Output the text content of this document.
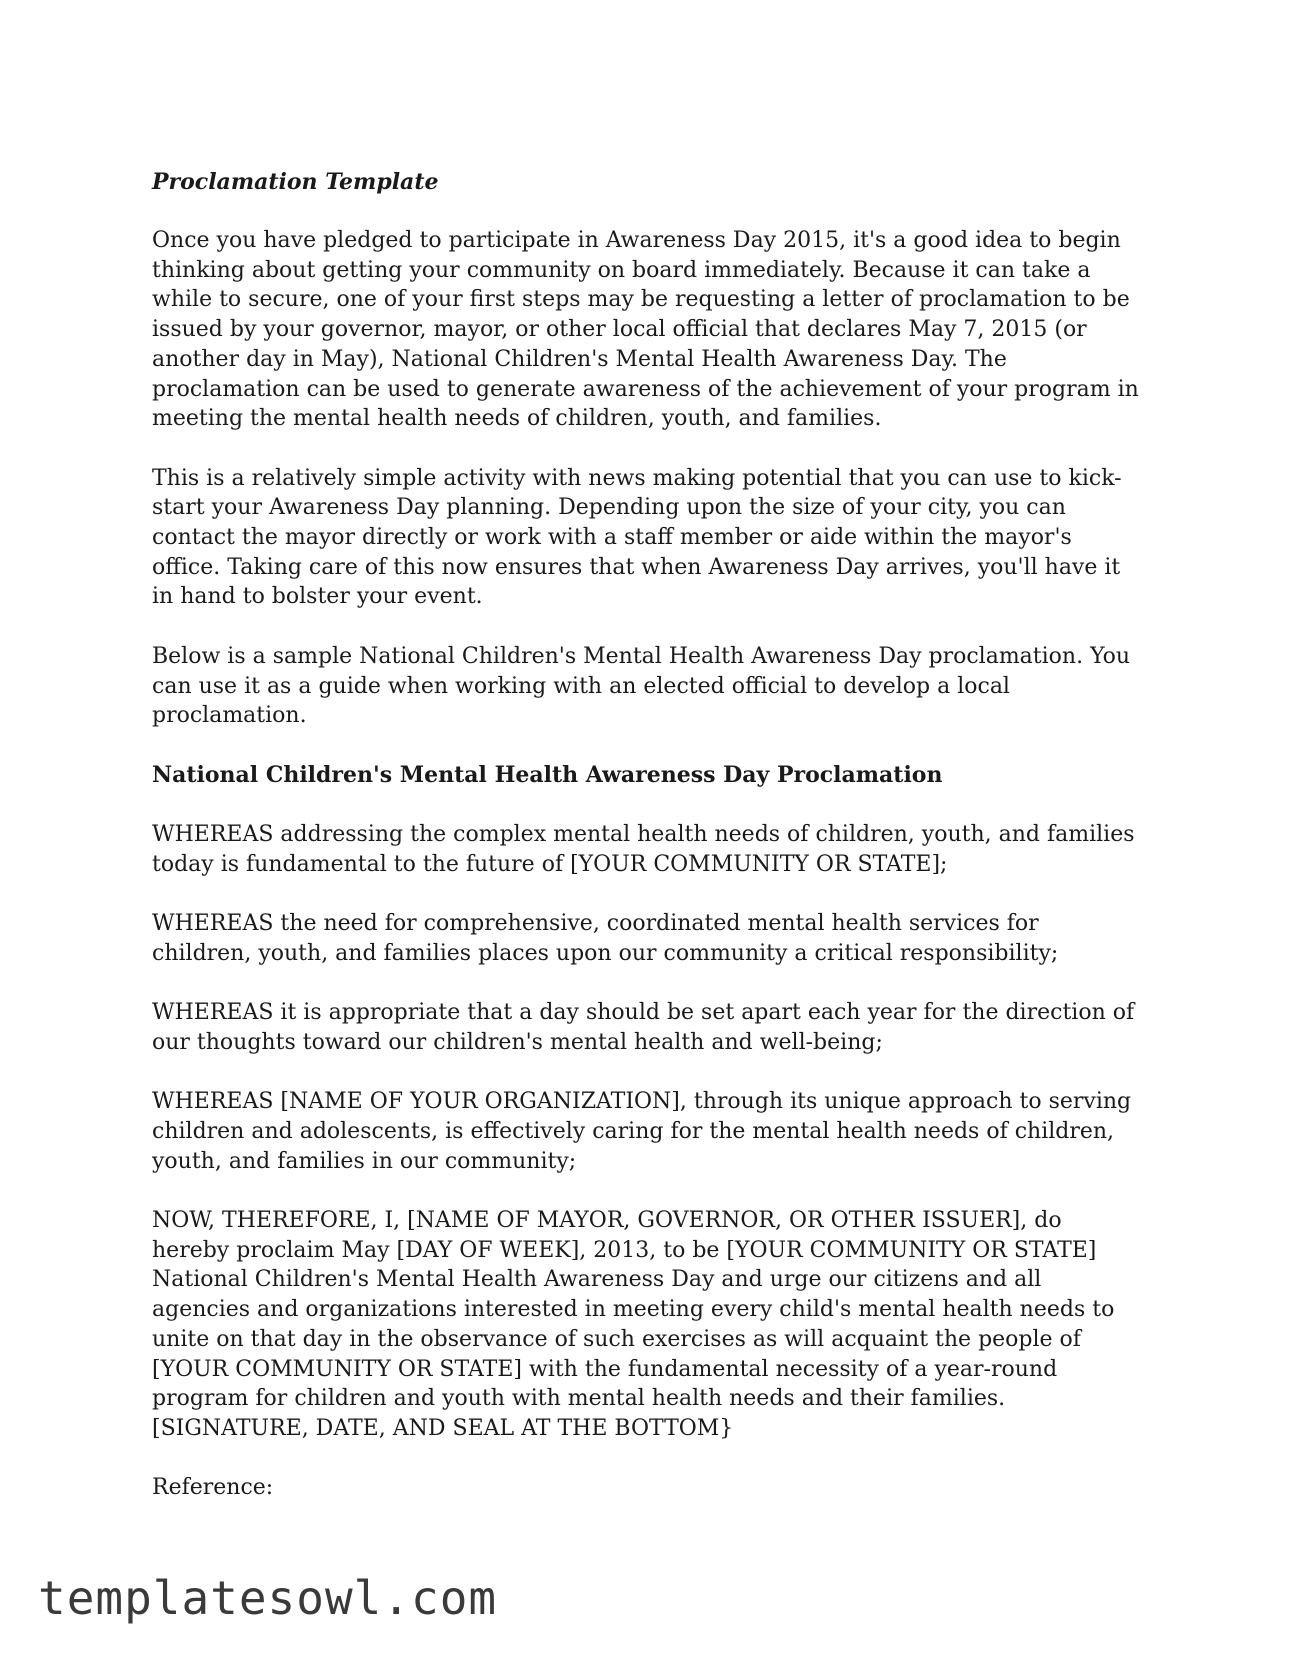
Proclamation Template

Once you have pledged to participate in Awareness Day 2015, it's a good idea to begin thinking about getting your community on board immediately. Because it can take a while to secure, one of your first steps may be requesting a letter of proclamation to be issued by your governor, mayor, or other local official that declares May 7, 2015 (or another day in May), National Children's Mental Health Awareness Day. The proclamation can be used to generate awareness of the achievement of your program in meeting the mental health needs of children, youth, and families.

This is a relatively simple activity with news making potential that you can use to kick-start your Awareness Day planning. Depending upon the size of your city, you can contact the mayor directly or work with a staff member or aide within the mayor's office. Taking care of this now ensures that when Awareness Day arrives, you'll have it in hand to bolster your event.

Below is a sample National Children's Mental Health Awareness Day proclamation. You can use it as a guide when working with an elected official to develop a local proclamation.

National Children's Mental Health Awareness Day Proclamation

WHEREAS addressing the complex mental health needs of children, youth, and families today is fundamental to the future of [YOUR COMMUNITY OR STATE];

WHEREAS the need for comprehensive, coordinated mental health services for children, youth, and families places upon our community a critical responsibility;

WHEREAS it is appropriate that a day should be set apart each year for the direction of our thoughts toward our children's mental health and well-being;

WHEREAS [NAME OF YOUR ORGANIZATION], through its unique approach to serving children and adolescents, is effectively caring for the mental health needs of children, youth, and families in our community;

NOW, THEREFORE, I, [NAME OF MAYOR, GOVERNOR, OR OTHER ISSUER], do hereby proclaim May [DAY OF WEEK], 2013, to be [YOUR COMMUNITY OR STATE] National Children's Mental Health Awareness Day and urge our citizens and all agencies and organizations interested in meeting every child's mental health needs to unite on that day in the observance of such exercises as will acquaint the people of [YOUR COMMUNITY OR STATE] with the fundamental necessity of a year-round program for children and youth with mental health needs and their families.[SIGNATURE, DATE, AND SEAL AT THE BOTTOM}

Reference:

templatesowl.com
